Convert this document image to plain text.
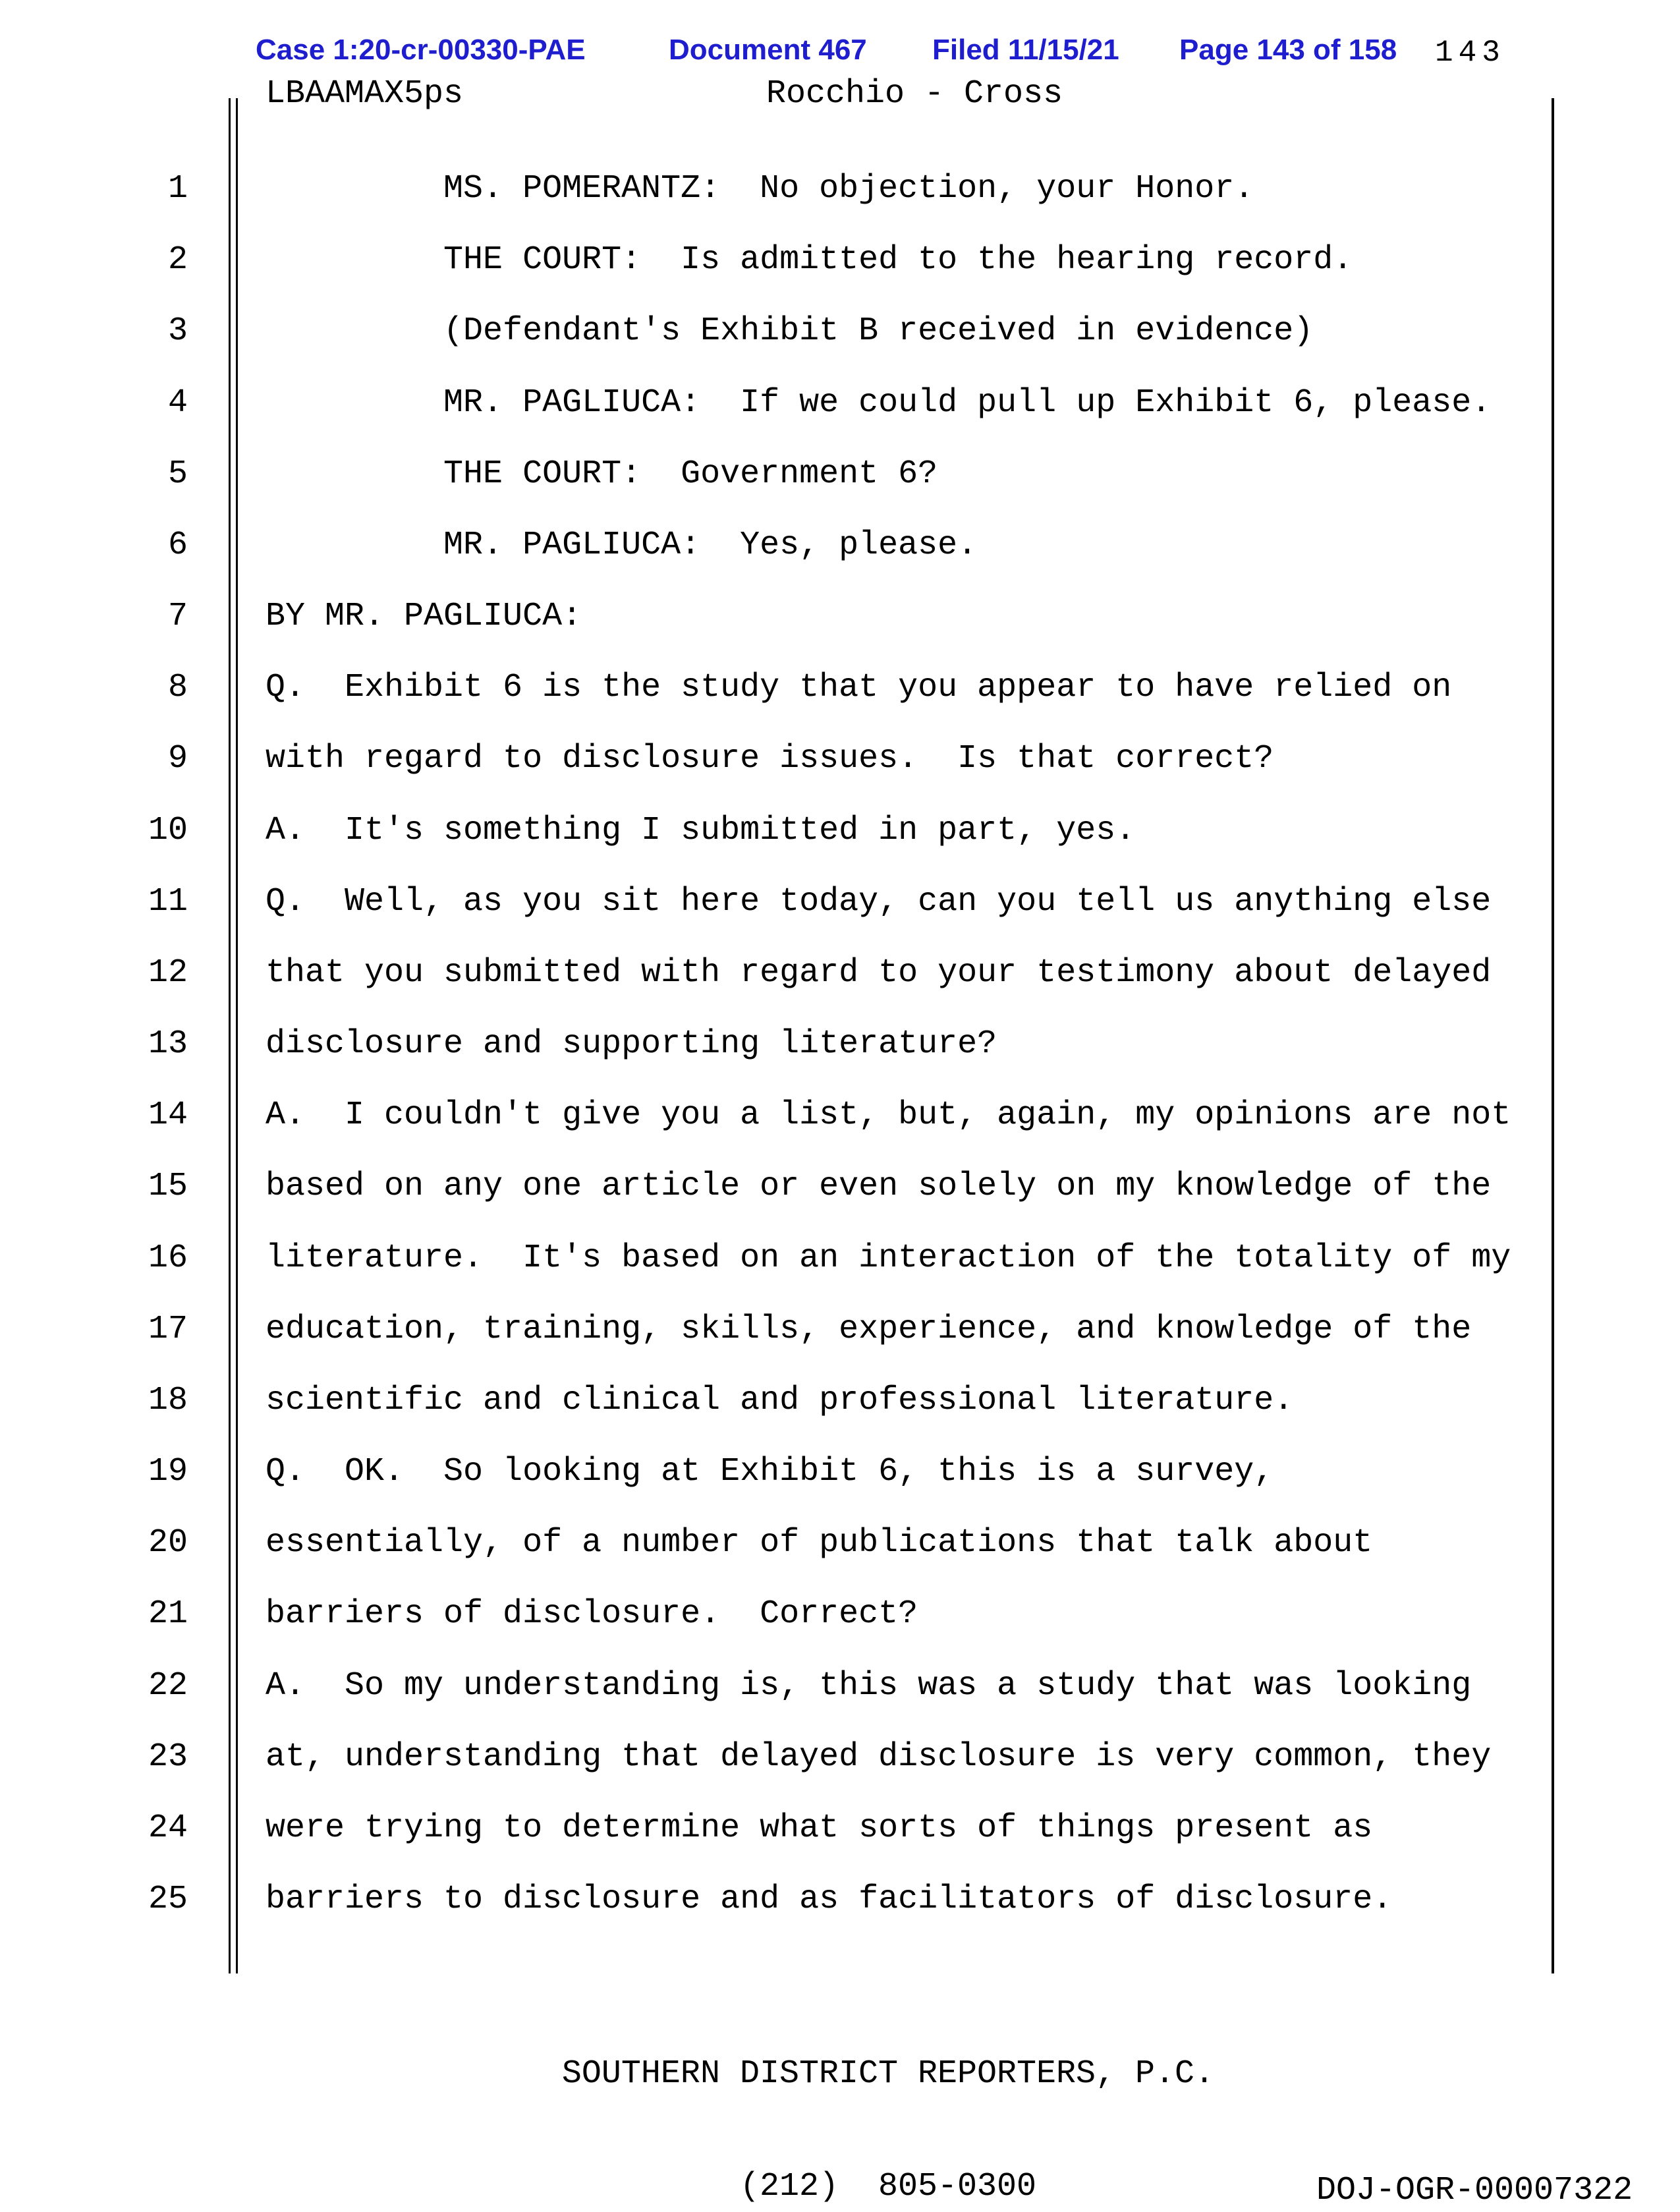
Case 1:20-cr-00330-PAE	Document 467 Filed 11/15/21 Page 143 of 158 143
LBAAMAX5ps	Rocchio - Cross
1 MS. POMERANTZ:  No objection, your Honor.
2 THE COURT:  Is admitted to the hearing record.
3 (Defendant's Exhibit B received in evidence)
4 MR. PAGLIUCA:  If we could pull up Exhibit 6, please.
5 THE COURT:  Government 6?
6 MR. PAGLIUCA:  Yes, please.
7 BY MR. PAGLIUCA:
8 Q.  Exhibit 6 is the study that you appear to have relied on
9 with regard to disclosure issues.  Is that correct?
10 A.  It's something I submitted in part, yes.
11 Q.  Well, as you sit here today, can you tell us anything else
12 that you submitted with regard to your testimony about delayed
13 disclosure and supporting literature?
14 A.  I couldn't give you a list, but, again, my opinions are not
15 based on any one article or even solely on my knowledge of the
16 literature.  It's based on an interaction of the totality of my
17 education, training, skills, experience, and knowledge of the
18 scientific and clinical and professional literature.
19 Q.  OK.  So looking at Exhibit 6, this is a survey,
20 essentially, of a number of publications that talk about
21 barriers of disclosure.  Correct?
22 A.  So my understanding is, this was a study that was looking
23 at, understanding that delayed disclosure is very common, they
24 were trying to determine what sorts of things present as
25 barriers to disclosure and as facilitators of disclosure.

SOUTHERN DISTRICT REPORTERS, P.C.

(212)  805-0300

	DOJ-OGR-00007322
